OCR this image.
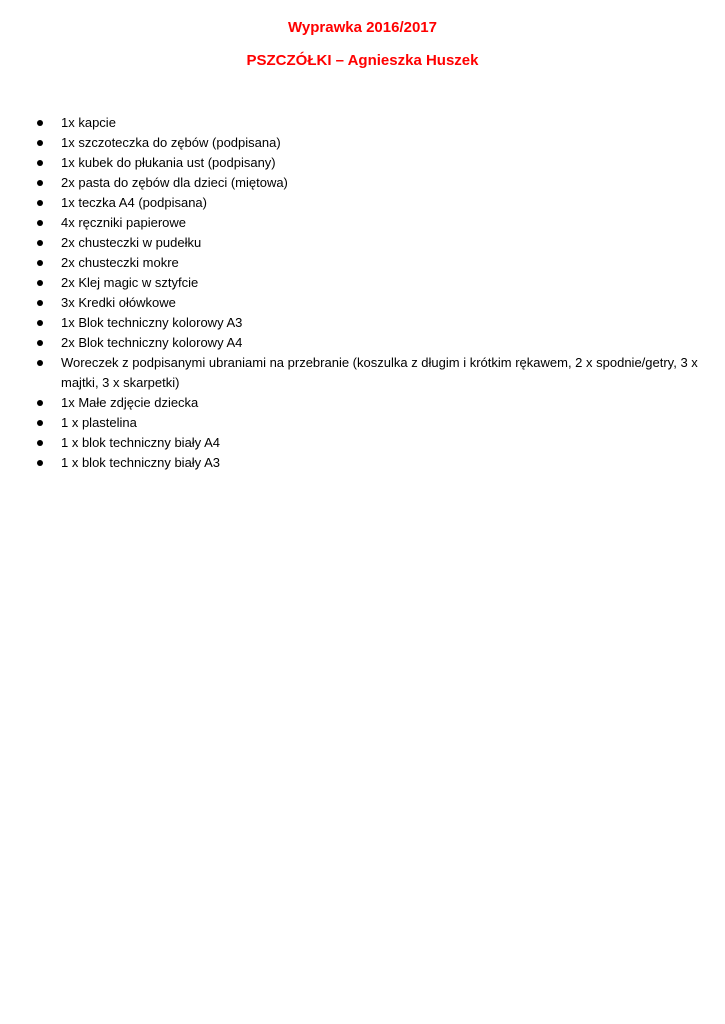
Wyprawka 2016/2017
PSZCZÓŁKI – Agnieszka Huszek
1x kapcie
1x szczoteczka do zębów (podpisana)
1x kubek do płukania ust (podpisany)
2x pasta do zębów dla dzieci (miętowa)
1x teczka A4 (podpisana)
4x ręczniki papierowe
2x chusteczki w pudełku
2x chusteczki mokre
2x Klej magic w sztyfcie
3x Kredki ołówkowe
1x Blok techniczny kolorowy A3
2x Blok techniczny kolorowy A4
Woreczek z podpisanymi ubraniami na przebranie (koszulka z długim i krótkim rękawem, 2 x spodnie/getry, 3 x majtki, 3 x skarpetki)
1x Małe zdjęcie dziecka
1 x plastelina
1 x blok techniczny biały A4
1 x blok techniczny biały A3
